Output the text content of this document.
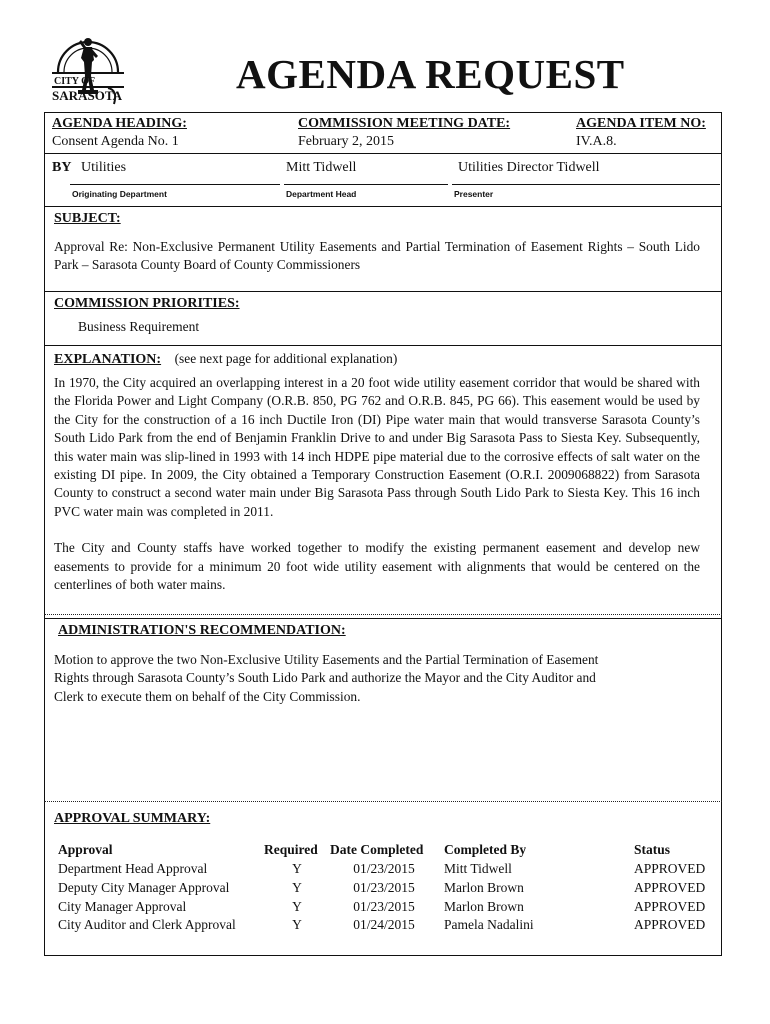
CITY OF
SARASOTA	AGENDA REQUEST
AGENDA HEADING:
Consent Agenda No. 1
COMMISSION MEETING DATE:
February 2, 2015
AGENDA ITEM NO:
IV.A.8.
BY Utilities	Mitt Tidwell	Utilities Director Tidwell
Originating Department	Department Head	Presenter
SUBJECT:
Approval Re: Non-Exclusive Permanent Utility Easements and Partial Termination of Easement Rights – South Lido Park – Sarasota County Board of County Commissioners
COMMISSION PRIORITIES:
Business Requirement
EXPLANATION: (see next page for additional explanation)

In 1970, the City acquired an overlapping interest in a 20 foot wide utility easement corridor that would be shared with the Florida Power and Light Company (O.R.B. 850, PG 762 and O.R.B. 845, PG 66). This easement would be used by the City for the construction of a 16 inch Ductile Iron (DI) Pipe water main that would transverse Sarasota County’s South Lido Park from the end of Benjamin Franklin Drive to and under Big Sarasota Pass to Siesta Key. Subsequently, this water main was slip-lined in 1993 with 14 inch HDPE pipe material due to the corrosive effects of salt water on the existing DI pipe. In 2009, the City obtained a Temporary Construction Easement (O.R.I. 2009068822) from Sarasota County to construct a second water main under Big Sarasota Pass through South Lido Park to Siesta Key. This 16 inch PVC water main was completed in 2011.

The City and County staffs have worked together to modify the existing permanent easement and develop new easements to provide for a minimum 20 foot wide utility easement with alignments that would be centered on the centerlines of both water mains.

ADMINISTRATION'S RECOMMENDATION:
Motion to approve the two Non-Exclusive Utility Easements and the Partial Termination of Easement Rights through Sarasota County’s South Lido Park and authorize the Mayor and the City Auditor and Clerk to execute them on behalf of the City Commission.
APPROVAL SUMMARY:
Approval	Required	Date Completed	Completed By	Status
Department Head Approval	Y	01/23/2015	Mitt Tidwell	APPROVED
Deputy City Manager Approval	Y	01/23/2015	Marlon Brown	APPROVED
City Manager Approval	Y	01/23/2015	Marlon Brown	APPROVED
City Auditor and Clerk Approval	Y	01/24/2015	Pamela Nadalini	APPROVED
